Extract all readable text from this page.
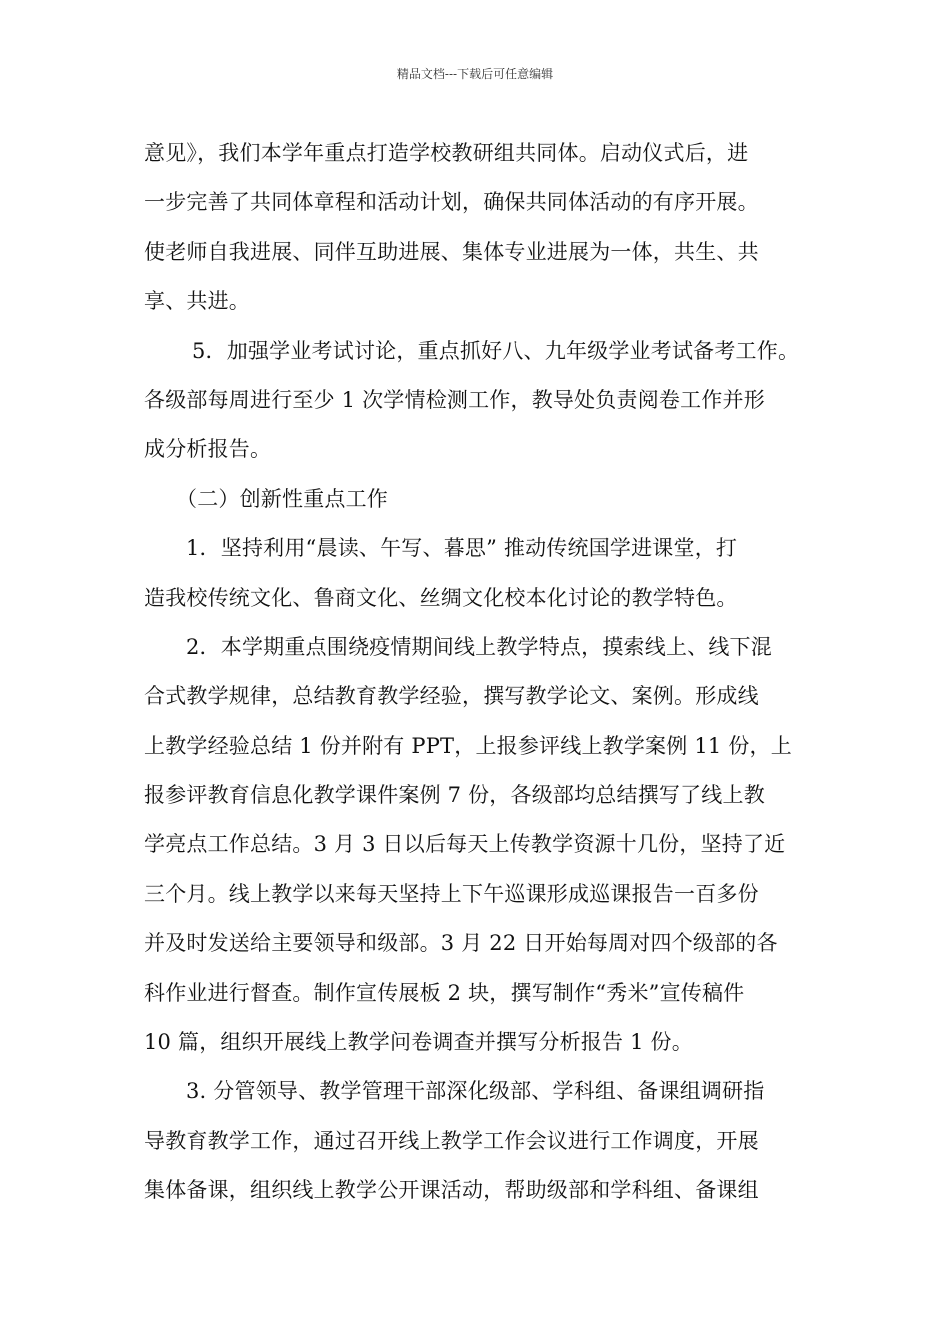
精品文档---下载后可任意编辑
意见》，我们本学年重点打造学校教研组共同体。启动仪式后，进
一步完善了共同体章程和活动计划，确保共同体活动的有序开展。
使老师自我进展、同伴互助进展、集体专业进展为一体，共生、共
享、共进。
5．加强学业考试讨论，重点抓好八、九年级学业考试备考工作。
各级部每周进行至少 1 次学情检测工作，教导处负责阅卷工作并形
成分析报告。
（二）创新性重点工作
1．坚持利用“晨读、午写、暮思” 推动传统国学进课堂，打
造我校传统文化、鲁商文化、丝绸文化校本化讨论的教学特色。
2．本学期重点围绕疫情期间线上教学特点，摸索线上、线下混
合式教学规律，总结教育教学经验，撰写教学论文、案例。形成线
上教学经验总结 1 份并附有 PPT，上报参评线上教学案例 11 份，上
报参评教育信息化教学课件案例 7 份，各级部均总结撰写了线上教
学亮点工作总结。3 月 3 日以后每天上传教学资源十几份，坚持了近
三个月。线上教学以来每天坚持上下午巡课形成巡课报告一百多份
并及时发送给主要领导和级部。3 月 22 日开始每周对四个级部的各
科作业进行督查。制作宣传展板 2 块，撰写制作“秀米”宣传稿件
10 篇，组织开展线上教学问卷调查并撰写分析报告 1 份。
3. 分管领导、教学管理干部深化级部、学科组、备课组调研指
导教育教学工作，通过召开线上教学工作会议进行工作调度，开展
集体备课，组织线上教学公开课活动，帮助级部和学科组、备课组
